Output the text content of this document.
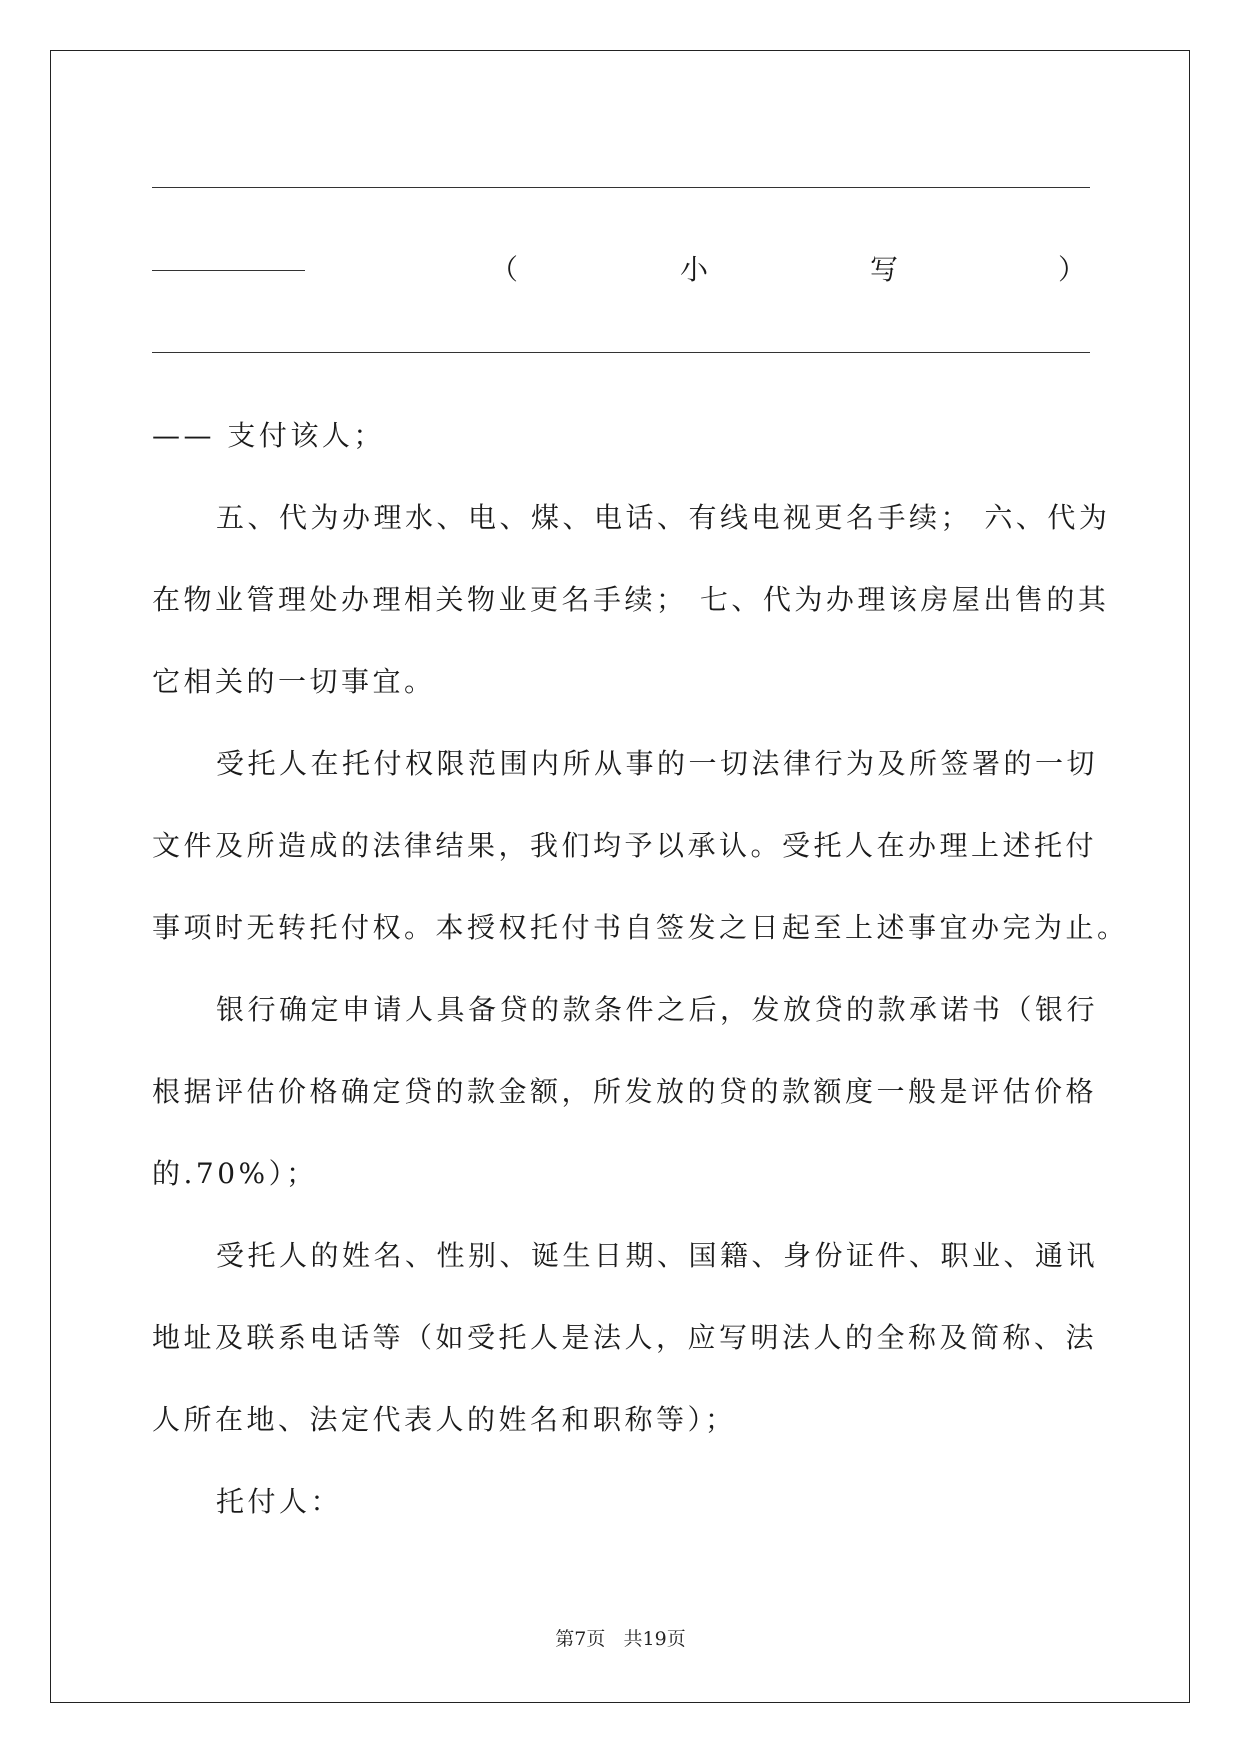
（	小	写	）
—— 支付该人；
五、代为办理水、电、煤、电话、有线电视更名手续； 六、代为
在物业管理处办理相关物业更名手续； 七、代为办理该房屋出售的其
它相关的一切事宜。
受托人在托付权限范围内所从事的一切法律行为及所签署的一切
文件及所造成的法律结果，我们均予以承认。受托人在办理上述托付
事项时无转托付权。本授权托付书自签发之日起至上述事宜办完为止。
银行确定申请人具备贷的款条件之后，发放贷的款承诺书（银行
根据评估价格确定贷的款金额，所发放的贷的款额度一般是评估价格
的.70%）；
受托人的姓名、性别、诞生日期、国籍、身份证件、职业、通讯
地址及联系电话等（如受托人是法人，应写明法人的全称及简称、法
人所在地、法定代表人的姓名和职称等）；
托付人：
第7页   共19页
